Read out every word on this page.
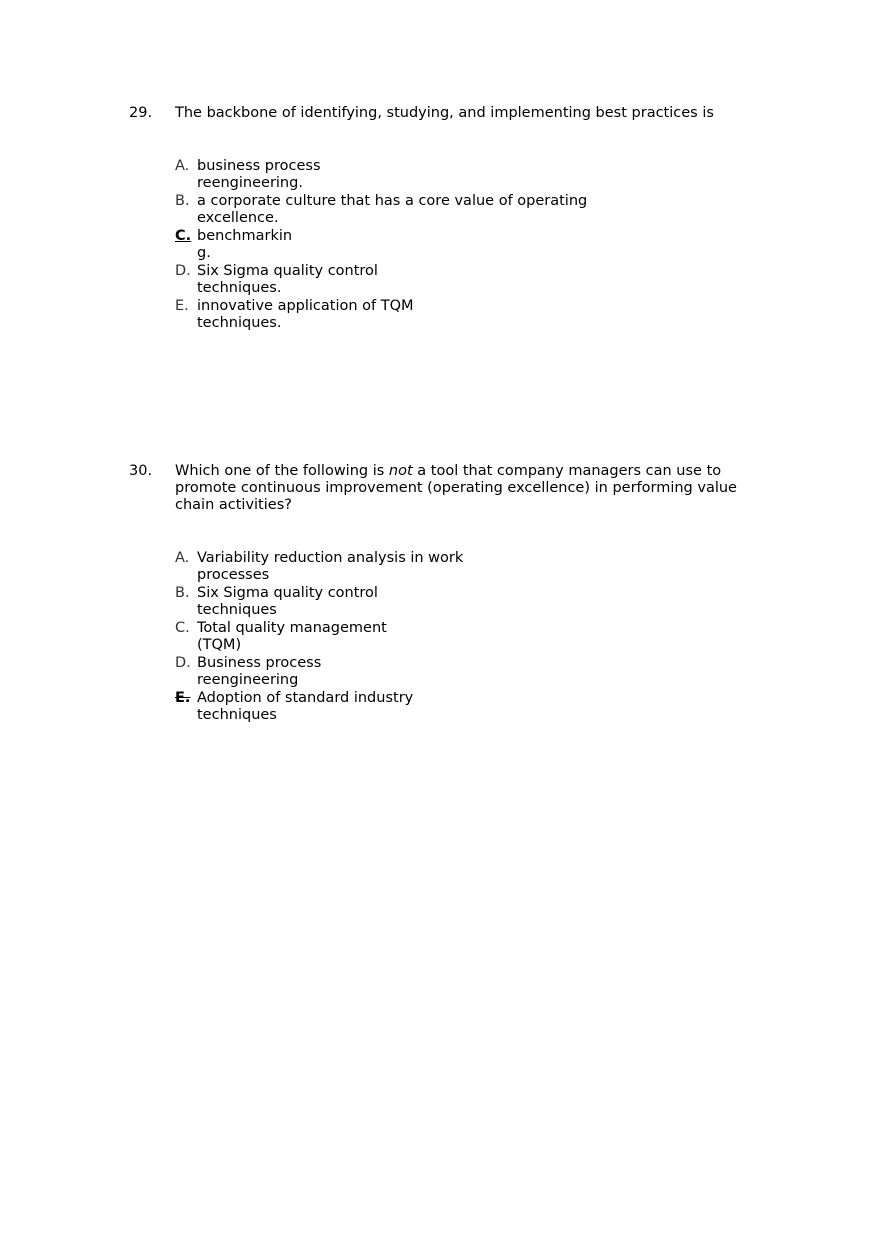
29. The backbone of identifying, studying, and implementing best practices is
A. business process
reengineering.
B. a corporate culture that has a core value of operating
excellence.
C. benchmarkin
g.
D. Six Sigma quality control
techniques.
E. innovative application of TQM
techniques.
30. Which one of the following is not a tool that company managers can use to
promote continuous improvement (operating excellence) in performing value
chain activities?
A. Variability reduction analysis in work
processes
B. Six Sigma quality control
techniques
C. Total quality management
(TQM)
D. Business process
reengineering
E. Adoption of standard industry
techniques
